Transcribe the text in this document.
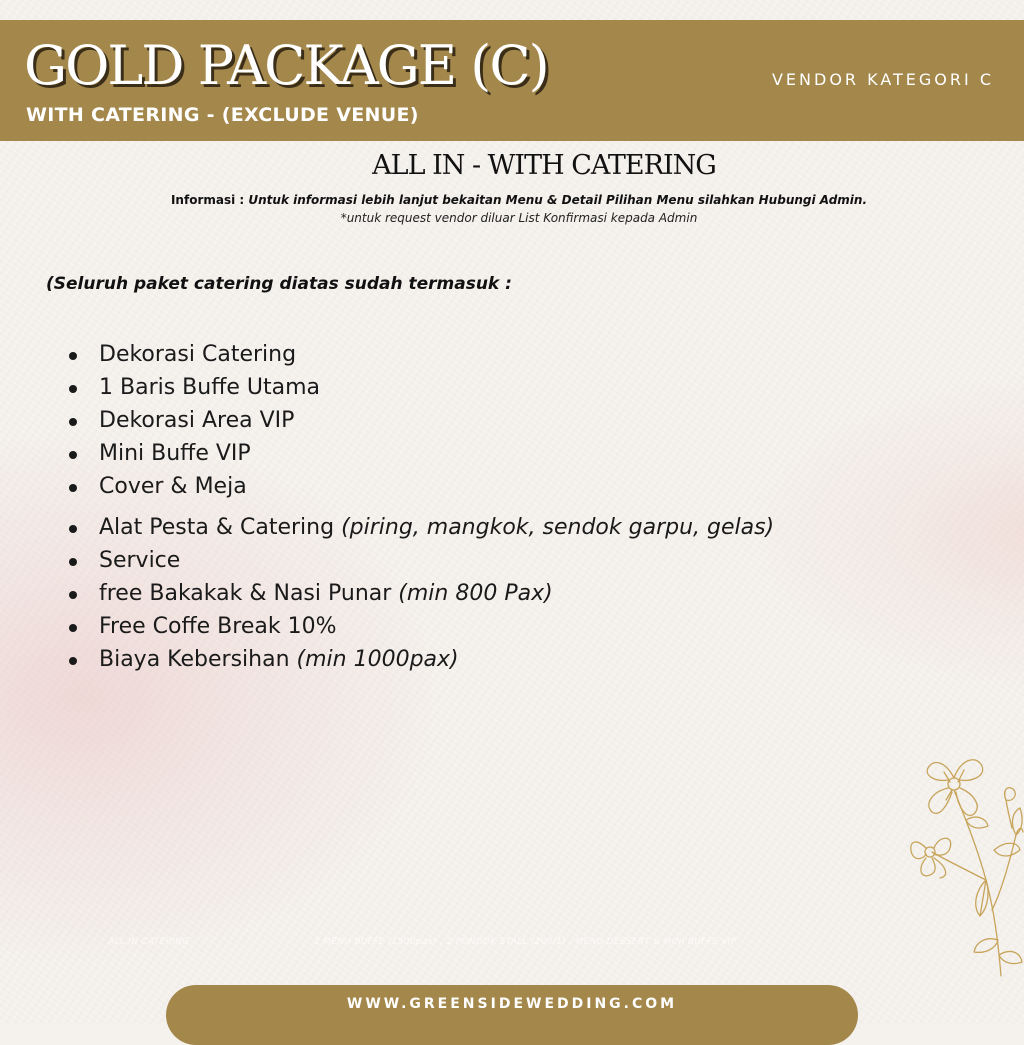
GOLD PACKAGE (C)
WITH CATERING - (EXCLUDE VENUE)
VENDOR KATEGORI C
ALL IN - WITH CATERING
Informasi : Untuk informasi lebih lanjut bekaitan Menu & Detail Pilihan Menu silahkan Hubungi Admin.
*untuk request vendor diluar List Konfirmasi kepada Admin
(Seluruh paket catering diatas sudah termasuk :
Dekorasi Catering
1 Baris Buffe Utama
Dekorasi Area VIP
Mini Buffe VIP
Cover & Meja
Alat Pesta & Catering (piring, mangkok, sendok garpu, gelas)
Service
free Bakakak & Nasi Punar (min 800 Pax)
Free Coffe Break 10%
Biaya Kebersihan (min 1000pax)
ALL IN CATERING	2 MENU BUFFE (1500pax) , 2 PONDOK STALL (200/1) , MENU DESSERT & MINI BUFFE VIP
WWW.GREENSIDEWEDDING.COM
